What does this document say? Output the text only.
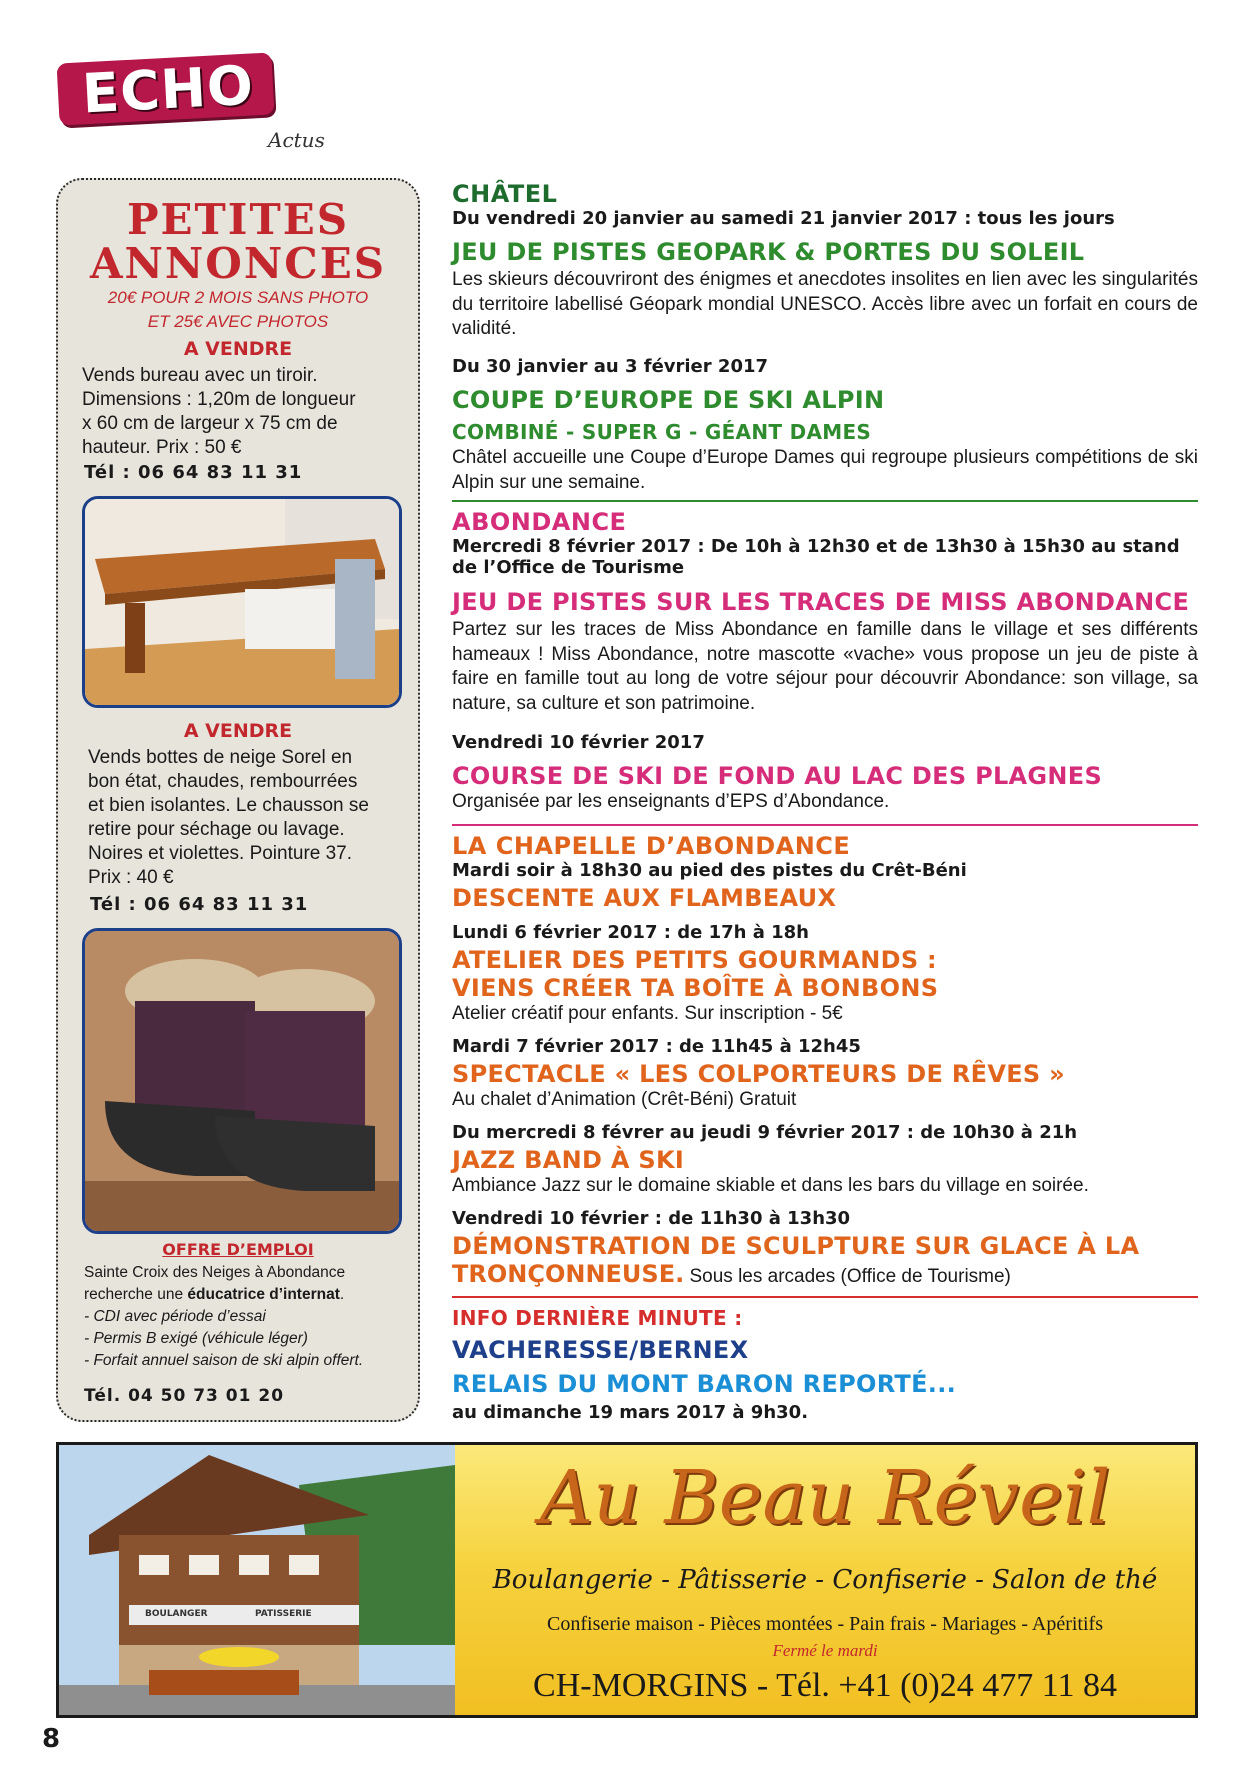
ECHO
Actus
PETITES
ANNONCES
20€ POUR 2 MOIS SANS PHOTO
ET 25€ AVEC PHOTOS
A VENDRE
Vends bureau avec un tiroir.
Dimensions : 1,20m de longueur
x 60 cm de largeur x 75 cm de
hauteur. Prix : 50 €
Tél : 06 64 83 11 31
A VENDRE
Vends bottes de neige Sorel en
bon état, chaudes, rembourrées
et bien isolantes. Le chausson se
retire pour séchage ou lavage.
Noires et violettes. Pointure 37.
Prix : 40 €
Tél : 06 64 83 11 31
OFFRE D’EMPLOI
Sainte Croix des Neiges à Abondance
recherche une éducatrice d’internat.
- CDI avec période d’essai
- Permis B exigé (véhicule léger)
- Forfait annuel saison de ski alpin offert.
Tél. 04 50 73 01 20
CHÂTEL
Du vendredi 20 janvier au samedi 21 janvier 2017 : tous les jours
JEU DE PISTES GEOPARK & PORTES DU SOLEIL
Les skieurs découvriront des énigmes et anecdotes insolites en lien avec les singularités du territoire labellisé Géopark mondial UNESCO. Accès libre avec un forfait en cours de validité.
Du 30 janvier au 3 février 2017
COUPE D’EUROPE DE SKI ALPIN
COMBINÉ - SUPER G - GÉANT DAMES
Châtel accueille une Coupe d’Europe Dames qui regroupe plusieurs compétitions de ski Alpin sur une semaine.
ABONDANCE
Mercredi 8 février 2017 : De 10h à 12h30 et de 13h30 à 15h30 au stand de l’Office de Tourisme
JEU DE PISTES SUR LES TRACES DE MISS ABONDANCE
Partez sur les traces de Miss Abondance en famille dans le village et ses différents hameaux ! Miss Abondance, notre mascotte «vache» vous propose un jeu de piste à faire en famille tout au long de votre séjour pour découvrir Abondance: son village, sa nature, sa culture et son patrimoine.
Vendredi 10 février 2017
COURSE DE SKI DE FOND AU LAC DES PLAGNES
Organisée par les enseignants d’EPS d’Abondance.
LA CHAPELLE D’ABONDANCE
Mardi soir à 18h30 au pied des pistes du Crêt-Béni
DESCENTE AUX FLAMBEAUX
Lundi 6 février 2017 : de 17h à 18h
ATELIER DES PETITS GOURMANDS :
VIENS CRÉER TA BOÎTE À BONBONS
Atelier créatif pour enfants. Sur inscription - 5€
Mardi 7 février 2017 : de 11h45 à 12h45
SPECTACLE « LES COLPORTEURS DE RÊVES »
Au chalet d’Animation (Crêt-Béni) Gratuit
Du mercredi 8 févrer au jeudi 9 février 2017 : de 10h30 à 21h
JAZZ BAND À SKI
Ambiance Jazz sur le domaine skiable et dans les bars du village en soirée.
Vendredi 10 février : de 11h30 à 13h30
DÉMONSTRATION DE SCULPTURE SUR GLACE À LA
TRONÇONNEUSE. Sous les arcades (Office de Tourisme)
INFO DERNIÈRE MINUTE :
VACHERESSE/BERNEX
RELAIS DU MONT BARON REPORTÉ...
au dimanche 19 mars 2017 à 9h30.
BOULANGER	PATISSERIE
Au Beau Réveil
Boulangerie - Pâtisserie - Confiserie - Salon de thé
Confiserie maison - Pièces montées - Pain frais - Mariages - Apéritifs
Fermé le mardi
CH-MORGINS - Tél. +41 (0)24 477 11 84
8
